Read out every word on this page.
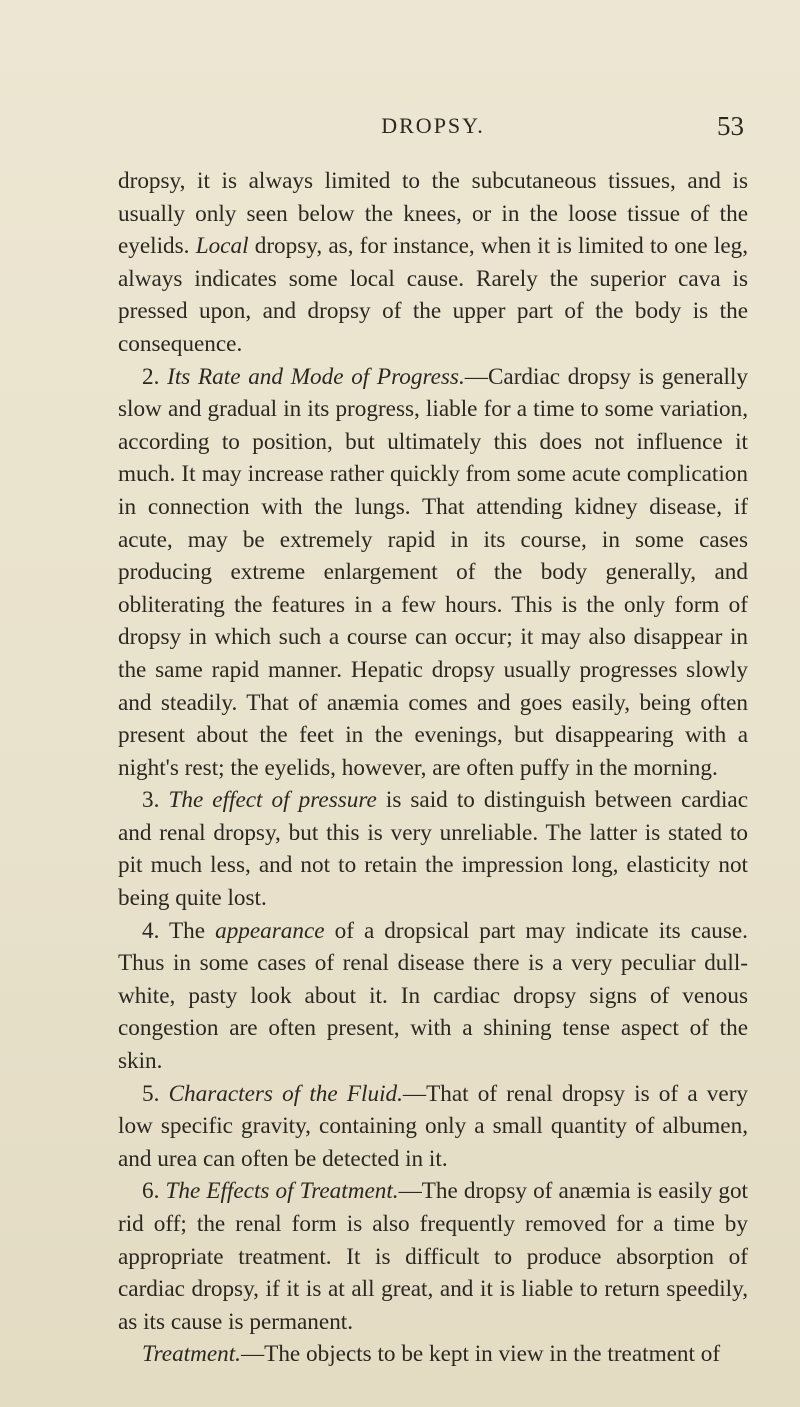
DROPSY.	53

dropsy, it is always limited to the subcutaneous tissues, and is usually only seen below the knees, or in the loose tissue of the eyelids. Local dropsy, as, for instance, when it is limited to one leg, always indicates some local cause. Rarely the superior cava is pressed upon, and dropsy of the upper part of the body is the consequence.

2. Its Rate and Mode of Progress.—Cardiac dropsy is generally slow and gradual in its progress, liable for a time to some variation, according to position, but ultimately this does not influence it much. It may increase rather quickly from some acute complication in connection with the lungs. That attending kidney disease, if acute, may be extremely rapid in its course, in some cases producing extreme enlargement of the body generally, and obliterating the features in a few hours. This is the only form of dropsy in which such a course can occur; it may also disappear in the same rapid manner. Hepatic dropsy usually progresses slowly and steadily. That of anæmia comes and goes easily, being often present about the feet in the evenings, but disappearing with a night's rest; the eyelids, however, are often puffy in the morning.

3. The effect of pressure is said to distinguish between cardiac and renal dropsy, but this is very unreliable. The latter is stated to pit much less, and not to retain the impression long, elasticity not being quite lost.

4. The appearance of a dropsical part may indicate its cause. Thus in some cases of renal disease there is a very peculiar dull-white, pasty look about it. In cardiac dropsy signs of venous congestion are often present, with a shining tense aspect of the skin.

5. Characters of the Fluid.—That of renal dropsy is of a very low specific gravity, containing only a small quantity of albumen, and urea can often be detected in it.

6. The Effects of Treatment.—The dropsy of anæmia is easily got rid off; the renal form is also frequently removed for a time by appropriate treatment. It is difficult to produce absorption of cardiac dropsy, if it is at all great, and it is liable to return speedily, as its cause is permanent.

Treatment.—The objects to be kept in view in the treatment of
